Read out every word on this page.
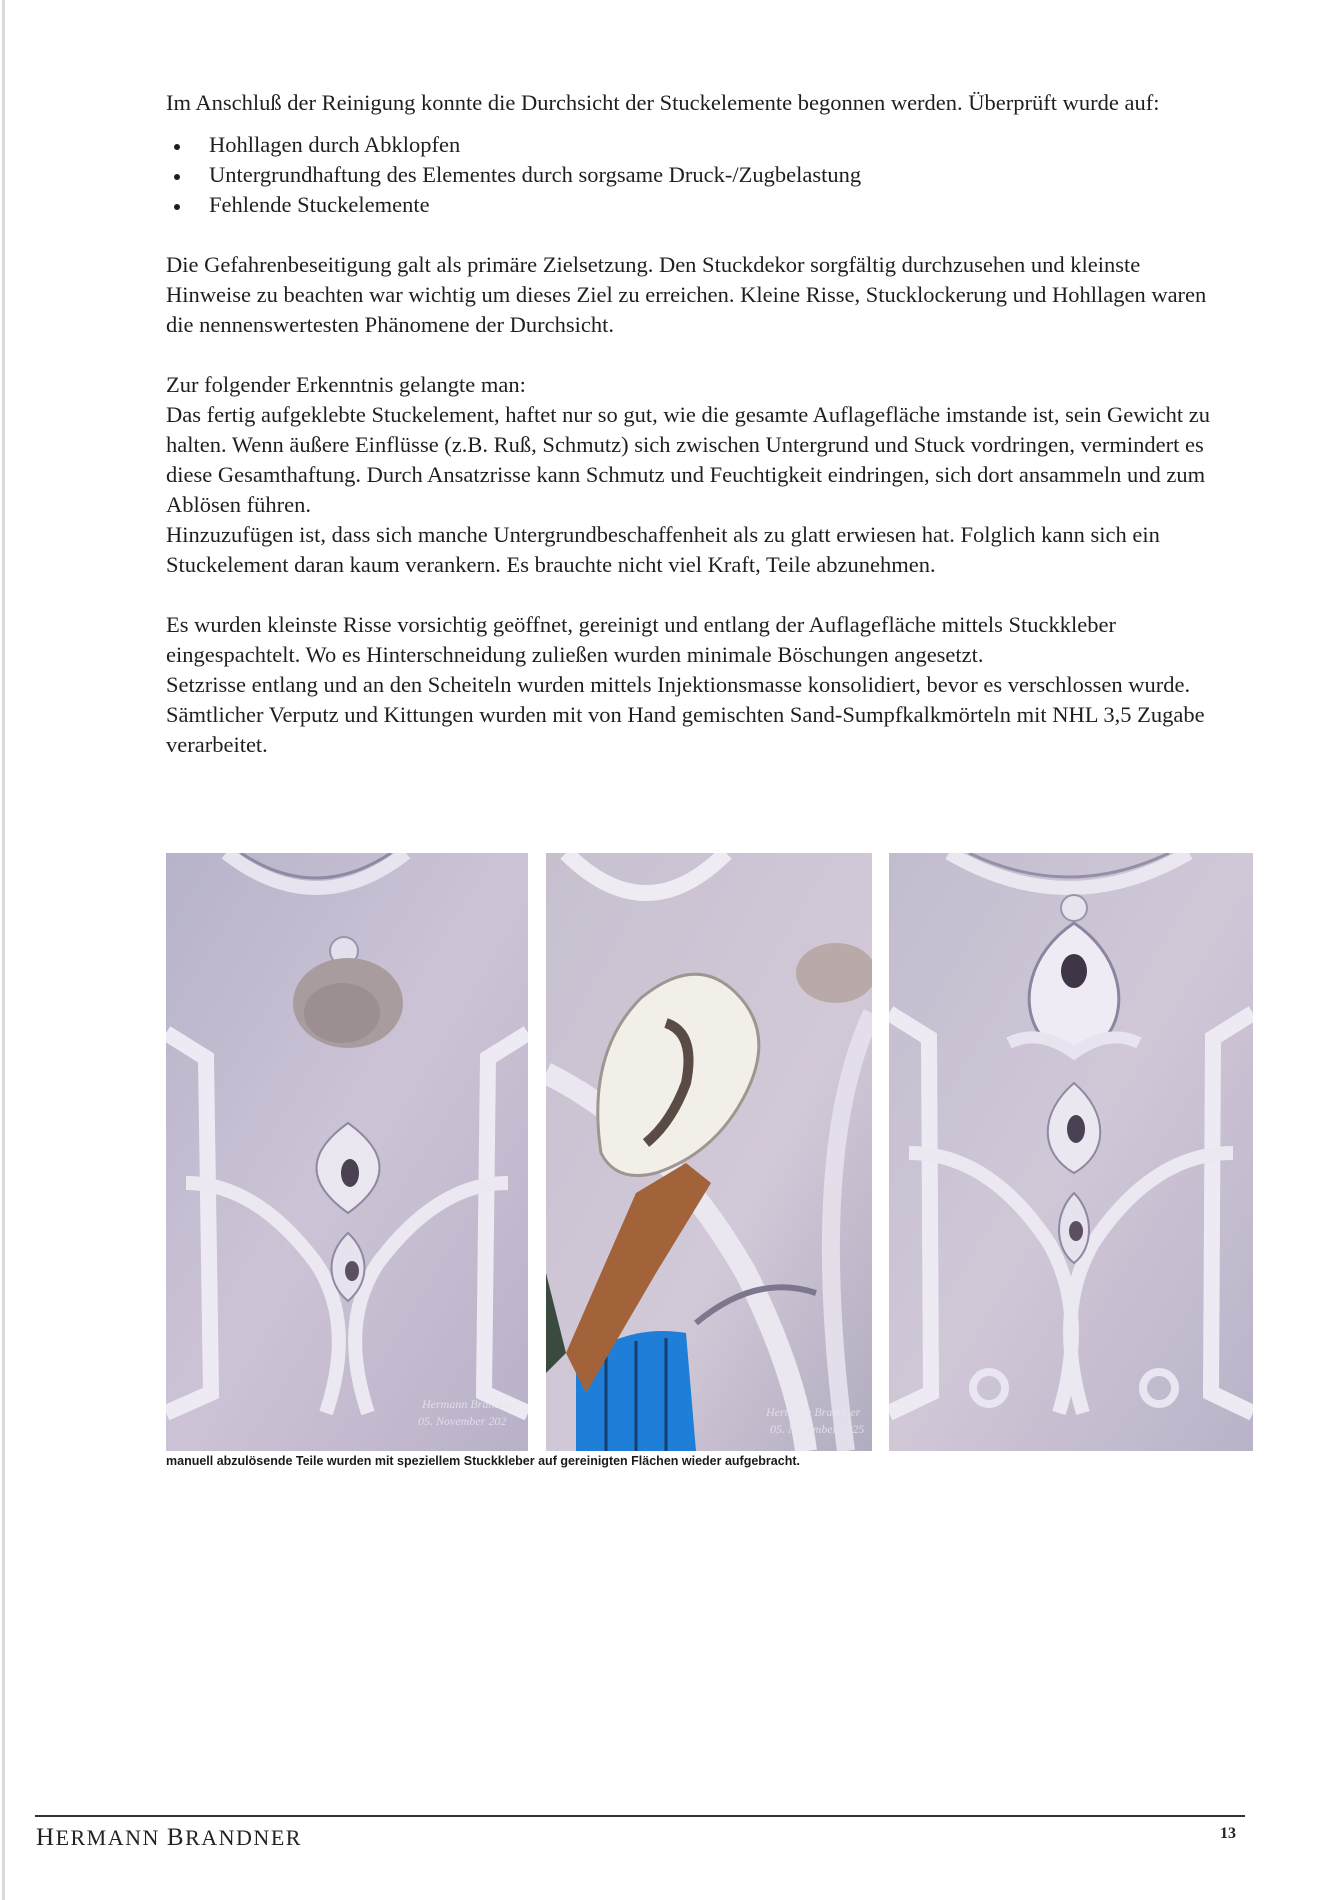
Im Anschluß der Reinigung konnte die Durchsicht der Stuckelemente begonnen werden. Überprüft wurde auf:

Hohllagen durch Abklopfen
Untergrundhaftung des Elementes durch sorgsame Druck-/Zugbelastung
Fehlende Stuckelemente

Die Gefahrenbeseitigung galt als primäre Zielsetzung. Den Stuckdekor sorgfältig durchzusehen und kleinste Hinweise zu beachten war wichtig um dieses Ziel zu erreichen. Kleine Risse, Stucklockerung und Hohllagen waren die nennenswertesten Phänomene der Durchsicht.

Zur folgender Erkenntnis gelangte man:

Das fertig aufgeklebte Stuckelement, haftet nur so gut, wie die gesamte Auflagefläche imstande ist, sein Gewicht zu halten. Wenn äußere Einflüsse (z.B. Ruß, Schmutz) sich zwischen Untergrund und Stuck vordringen, vermindert es diese Gesamthaftung. Durch Ansatzrisse kann Schmutz und Feuchtigkeit eindringen, sich dort ansammeln und zum Ablösen führen.

Hinzuzufügen ist, dass sich manche Untergrundbeschaffenheit als zu glatt erwiesen hat. Folglich kann sich ein Stuckelement daran kaum verankern. Es brauchte nicht viel Kraft, Teile abzunehmen.

Es wurden kleinste Risse vorsichtig geöffnet, gereinigt und entlang der Auflagefläche mittels Stuckkleber eingespachtelt. Wo es Hinterschneidung zuließen wurden minimale Böschungen angesetzt.

Setzrisse entlang und an den Scheiteln wurden mittels Injektionsmasse konsolidiert, bevor es verschlossen wurde.

Sämtlicher Verputz und Kittungen wurden mit von Hand gemischten Sand-Sumpfkalkmörteln mit NHL 3,5 Zugabe verarbeitet.

Hermann Brandne
05. November 202
Hermann Brandner
05. November 2025
manuell abzulösende Teile wurden mit speziellem Stuckkleber auf gereinigten Flächen wieder aufgebracht.
HERMANN BRANDNER	13
